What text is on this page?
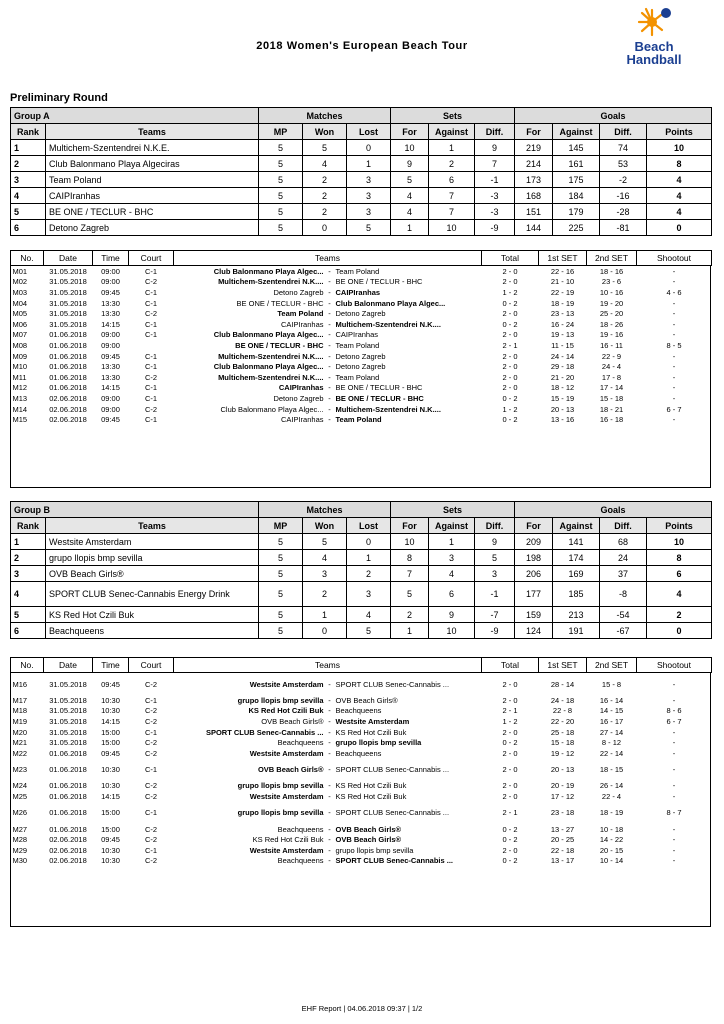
2018 Women's European Beach Tour	Beach
Handball
Preliminary Round
Group A		Matches			Sets			Goals			
Rank	Teams	MP	Won	Lost	For	Against	Diff.	For	Against	Diff.	Points
1	Multichem-Szentendrei N.K.E.	5	5	0	10	1	9	219	145	74	10
2	Club Balonmano Playa Algeciras	5	4	1	9	2	7	214	161	53	8
3	Team Poland	5	2	3	5	6	-1	173	175	-2	4
4	CAIPIranhas	5	2	3	4	7	-3	168	184	-16	4
5	BE ONE / TECLUR - BHC	5	2	3	4	7	-3	151	179	-28	4
6	Detono Zagreb	5	0	5	1	10	-9	144	225	-81	0
No.	Date	Time	Court	Teams			Total	1st SET	2nd SET	Shootout
M01	31.05.2018	09:00	C-1	Club Balonmano Playa Algec...	-	Team Poland	2 - 0	22 - 16	18 - 16	-
M02	31.05.2018	09:00	C-2	Multichem-Szentendrei N.K....	-	BE ONE / TECLUR - BHC	2 - 0	21 - 10	23 - 6	-
M03	31.05.2018	09:45	C-1	Detono Zagreb	-	CAIPIranhas	1 - 2	22 - 19	10 - 16	4 - 6
M04	31.05.2018	13:30	C-1	BE ONE / TECLUR - BHC	-	Club Balonmano Playa Algec...	0 - 2	18 - 19	19 - 20	-
M05	31.05.2018	13:30	C-2	Team Poland	-	Detono Zagreb	2 - 0	23 - 13	25 - 20	-
M06	31.05.2018	14:15	C-1	CAIPIranhas	-	Multichem-Szentendrei N.K....	0 - 2	16 - 24	18 - 26	-
M07	01.06.2018	09:00	C-1	Club Balonmano Playa Algec...	-	CAIPIranhas	2 - 0	19 - 13	19 - 16	-
M08	01.06.2018	09:00		BE ONE / TECLUR - BHC	-	Team Poland	2 - 1	11 - 15	16 - 11	8 - 5
M09	01.06.2018	09:45	C-1	Multichem-Szentendrei N.K....	-	Detono Zagreb	2 - 0	24 - 14	22 - 9	-
M10	01.06.2018	13:30	C-1	Club Balonmano Playa Algec...	-	Detono Zagreb	2 - 0	29 - 18	24 - 4	-
M11	01.06.2018	13:30	C-2	Multichem-Szentendrei N.K....	-	Team Poland	2 - 0	21 - 20	17 - 8	-
M12	01.06.2018	14:15	C-1	CAIPIranhas	-	BE ONE / TECLUR - BHC	2 - 0	18 - 12	17 - 14	-
M13	02.06.2018	09:00	C-1	Detono Zagreb	-	BE ONE / TECLUR - BHC	0 - 2	15 - 19	15 - 18	-
M14	02.06.2018	09:00	C-2	Club Balonmano Playa Algec...	-	Multichem-Szentendrei N.K....	1 - 2	20 - 13	18 - 21	6 - 7
M15	02.06.2018	09:45	C-1	CAIPIranhas	-	Team Poland	0 - 2	13 - 16	16 - 18	-
Group B		Matches			Sets			Goals			
Rank	Teams	MP	Won	Lost	For	Against	Diff.	For	Against	Diff.	Points
1	Westsite Amsterdam	5	5	0	10	1	9	209	141	68	10
2	grupo llopis bmp sevilla	5	4	1	8	3	5	198	174	24	8
3	OVB Beach Girls®	5	3	2	7	4	3	206	169	37	6
4	SPORT CLUB Senec-Cannabis Energy Drink	5	2	3	5	6	-1	177	185	-8	4
5	KS Red Hot Czili Buk	5	1	4	2	9	-7	159	213	-54	2
6	Beachqueens	5	0	5	1	10	-9	124	191	-67	0
No.	Date	Time	Court	Teams			Total	1st SET	2nd SET	Shootout
M16	31.05.2018	09:45	C-2	Westsite Amsterdam	-	SPORT CLUB Senec-Cannabis ...	2 - 0	28 - 14	15 - 8	-
M17	31.05.2018	10:30	C-1	grupo llopis bmp sevilla	-	OVB Beach Girls®	2 - 0	24 - 18	16 - 14	-
M18	31.05.2018	10:30	C-2	KS Red Hot Czili Buk	-	Beachqueens	2 - 1	22 - 8	14 - 15	8 - 6
M19	31.05.2018	14:15	C-2	OVB Beach Girls®	-	Westsite Amsterdam	1 - 2	22 - 20	16 - 17	6 - 7
M20	31.05.2018	15:00	C-1	SPORT CLUB Senec-Cannabis ...	-	KS Red Hot Czili Buk	2 - 0	25 - 18	27 - 14	-
M21	31.05.2018	15:00	C-2	Beachqueens	-	grupo llopis bmp sevilla	0 - 2	15 - 18	8 - 12	-
M22	01.06.2018	09:45	C-2	Westsite Amsterdam	-	Beachqueens	2 - 0	19 - 12	22 - 14	-
M23	01.06.2018	10:30	C-1	OVB Beach Girls®	-	SPORT CLUB Senec-Cannabis ...	2 - 0	20 - 13	18 - 15	-
M24	01.06.2018	10:30	C-2	grupo llopis bmp sevilla	-	KS Red Hot Czili Buk	2 - 0	20 - 19	26 - 14	-
M25	01.06.2018	14:15	C-2	Westsite Amsterdam	-	KS Red Hot Czili Buk	2 - 0	17 - 12	22 - 4	-
M26	01.06.2018	15:00	C-1	grupo llopis bmp sevilla	-	SPORT CLUB Senec-Cannabis ...	2 - 1	23 - 18	18 - 19	8 - 7
M27	01.06.2018	15:00	C-2	Beachqueens	-	OVB Beach Girls®	0 - 2	13 - 27	10 - 18	-
M28	02.06.2018	09:45	C-2	KS Red Hot Czili Buk	-	OVB Beach Girls®	0 - 2	20 - 25	14 - 22	-
M29	02.06.2018	10:30	C-1	Westsite Amsterdam	-	grupo llopis bmp sevilla	2 - 0	22 - 18	20 - 15	-
M30	02.06.2018	10:30	C-2	Beachqueens	-	SPORT CLUB Senec-Cannabis ...	0 - 2	13 - 17	10 - 14	-
EHF Report | 04.06.2018 09:37 | 1/2
